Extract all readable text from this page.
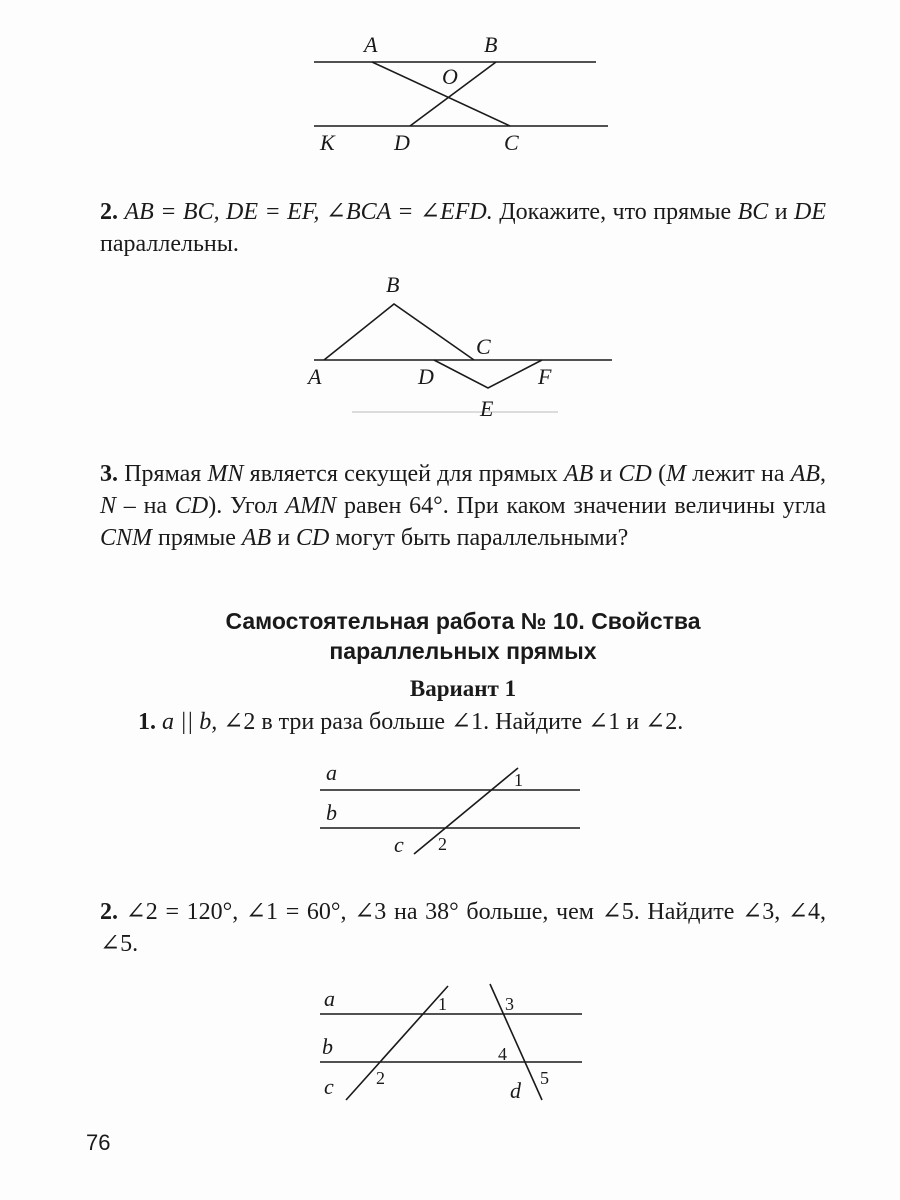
A	B
O
K	D	C

2. AB = BC, DE = EF, ∠BCA = ∠EFD. Докажите, что прямые BC и DE параллельны.

B
C
A	D	F
E

3. Прямая MN является секущей для прямых AB и CD (M лежит на AB, N – на CD). Угол AMN равен 64°. При каком значении величины угла CNM прямые AB и CD могут быть параллельными?

Самостоятельная работа № 10. Свойства
параллельных прямых
Вариант 1

1. a || b, ∠2 в три раза больше ∠1. Найдите ∠1 и ∠2.

a
b
c
1
2

2. ∠2 = 120°, ∠1 = 60°, ∠3 на 38° больше, чем ∠5. Найдите ∠3, ∠4, ∠5.

a
b
c	d
1
2
3
4
5
76
